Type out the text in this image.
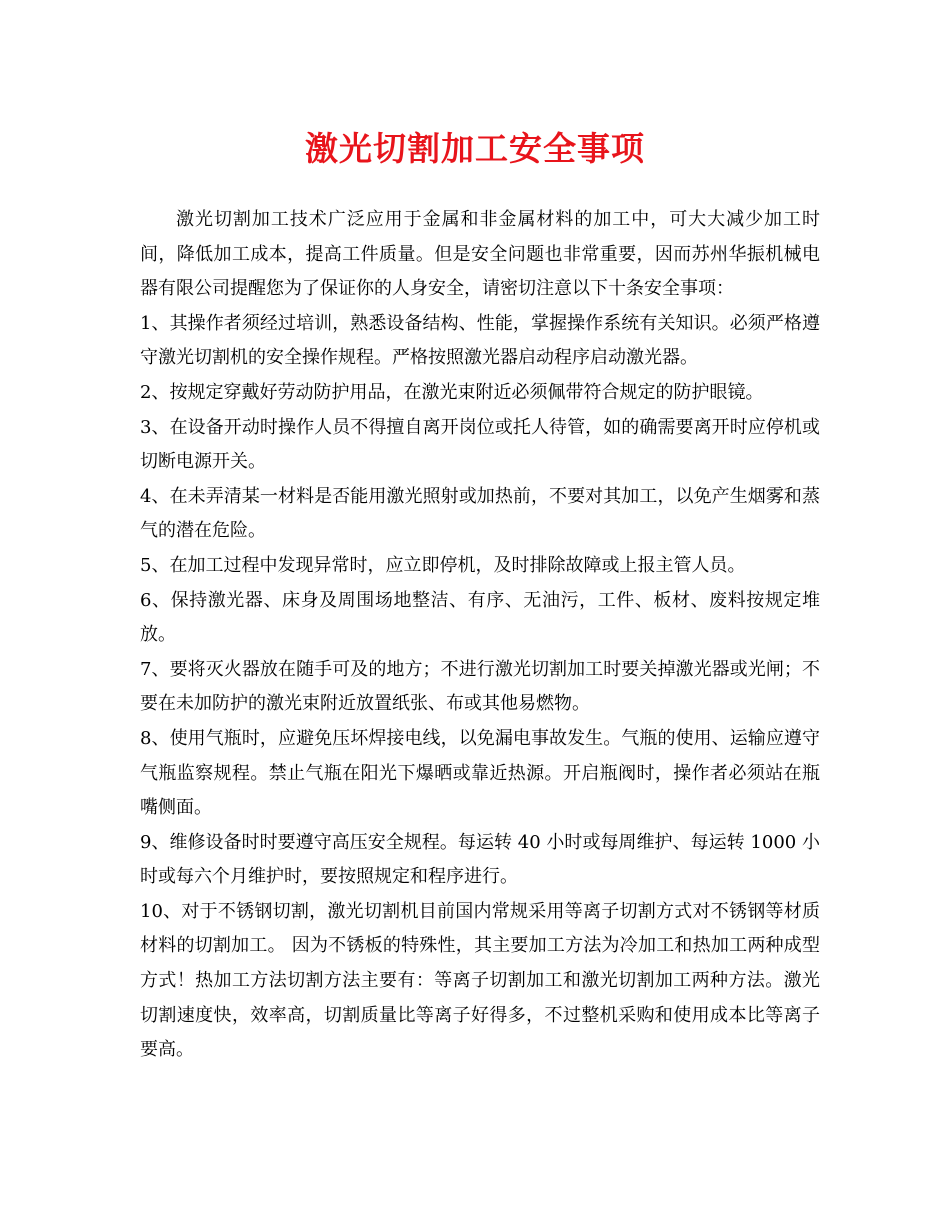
激光切割加工安全事项

激光切割加工技术广泛应用于金属和非金属材料的加工中，可大大减少加工时间，降低加工成本，提高工件质量。但是安全问题也非常重要，因而苏州华振机械电器有限公司提醒您为了保证你的人身安全，请密切注意以下十条安全事项：

1、其操作者须经过培训，熟悉设备结构、性能，掌握操作系统有关知识。必须严格遵守激光切割机的安全操作规程。严格按照激光器启动程序启动激光器。

2、按规定穿戴好劳动防护用品，在激光束附近必须佩带符合规定的防护眼镜。

3、在设备开动时操作人员不得擅自离开岗位或托人待管，如的确需要离开时应停机或切断电源开关。

4、在未弄清某一材料是否能用激光照射或加热前，不要对其加工，以免产生烟雾和蒸气的潜在危险。

5、在加工过程中发现异常时，应立即停机，及时排除故障或上报主管人员。

6、保持激光器、床身及周围场地整洁、有序、无油污，工件、板材、废料按规定堆放。

7、要将灭火器放在随手可及的地方；不进行激光切割加工时要关掉激光器或光闸；不要在未加防护的激光束附近放置纸张、布或其他易燃物。

8、使用气瓶时，应避免压坏焊接电线，以免漏电事故发生。气瓶的使用、运输应遵守气瓶监察规程。禁止气瓶在阳光下爆晒或靠近热源。开启瓶阀时，操作者必须站在瓶嘴侧面。

9、维修设备时时要遵守高压安全规程。每运转 40 小时或每周维护、每运转 1000 小时或每六个月维护时，要按照规定和程序进行。

10、对于不锈钢切割，激光切割机目前国内常规采用等离子切割方式对不锈钢等材质材料的切割加工。 因为不锈板的特殊性，其主要加工方法为冷加工和热加工两种成型方式！热加工方法切割方法主要有：等离子切割加工和激光切割加工两种方法。激光切割速度快，效率高，切割质量比等离子好得多，不过整机采购和使用成本比等离子要高。
